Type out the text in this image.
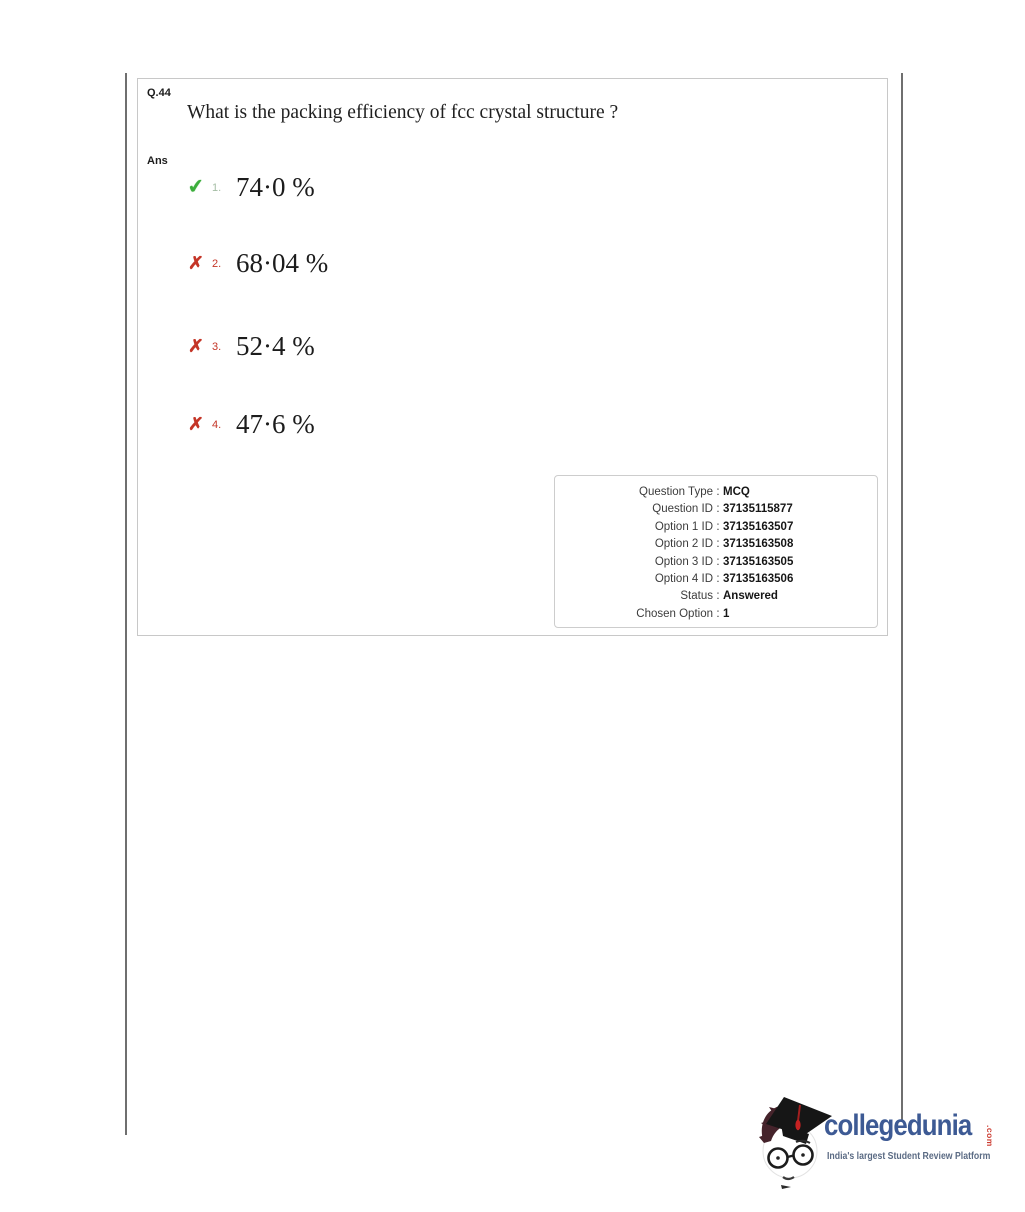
Q.44
What is the packing efficiency of fcc crystal structure ?
Ans
✔ 1. 74·0 %
✗ 2. 68·04 %
✗ 3. 52·4 %
✗ 4. 47·6 %
Question Type : MCQ
Question ID : 37135115877
Option 1 ID : 37135163507
Option 2 ID : 37135163508
Option 3 ID : 37135163505
Option 4 ID : 37135163506
Status : Answered
Chosen Option : 1
collegedunia .com
India's largest Student Review Platform
